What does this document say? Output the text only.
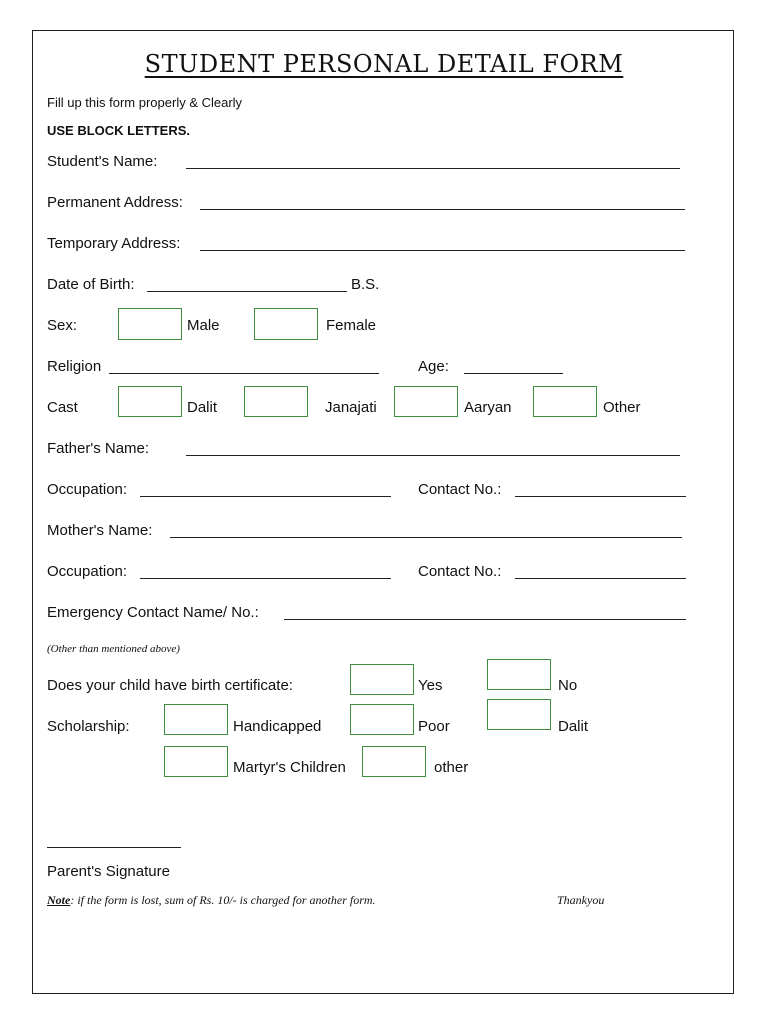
STUDENT PERSONAL DETAIL FORM
Fill up this form properly & Clearly
USE BLOCK LETTERS.
Student's Name:
Permanent Address:
Temporary Address:
Date of Birth:	B.S.
Sex:	Male	Female
Religion	Age:
Cast	Dalit	Janajati	Aaryan	Other
Father's Name:
Occupation:	Contact No.:
Mother's Name:
Occupation:	Contact No.:
Emergency Contact Name/ No.:
(Other than mentioned above)
Does your child have birth certificate:	Yes	No
Scholarship:	Handicapped	Poor	Dalit
Martyr's Children	other
Parent's Signature
Note: if the form is lost, sum of Rs. 10/- is charged for another form.	Thankyou
